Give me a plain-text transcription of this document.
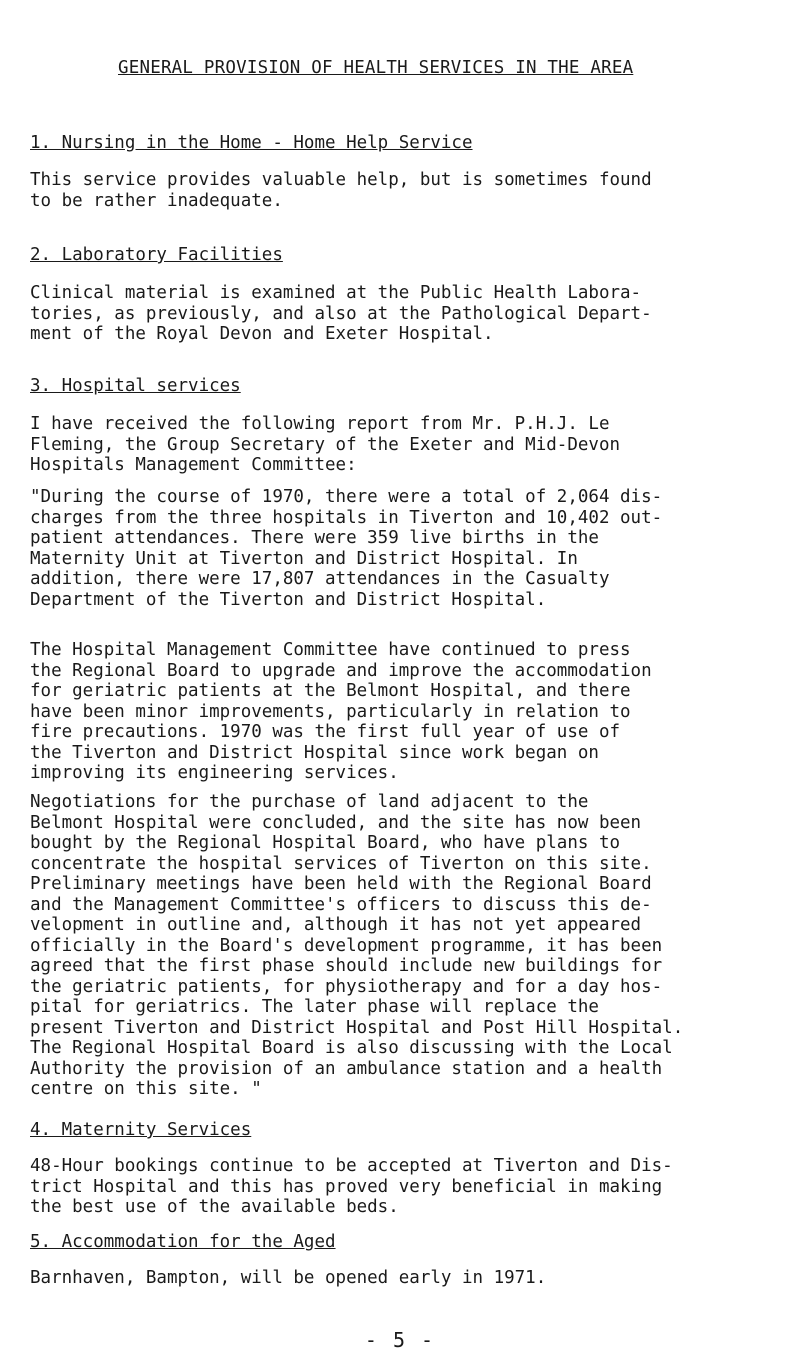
GENERAL PROVISION OF HEALTH SERVICES IN THE AREA
1. Nursing in the Home - Home Help Service

This service provides valuable help, but is sometimes found
to be rather inadequate.

2. Laboratory Facilities

Clinical material is examined at the Public Health Labora-
tories, as previously, and also at the Pathological Depart-
ment of the Royal Devon and Exeter Hospital.

3. Hospital services

I have received the following report from Mr. P.H.J. Le
Fleming, the Group Secretary of the Exeter and Mid-Devon
Hospitals Management Committee:

"During the course of 1970, there were a total of 2,064 dis-
charges from the three hospitals in Tiverton and 10,402 out-
patient attendances. There were 359 live births in the
Maternity Unit at Tiverton and District Hospital. In
addition, there were 17,807 attendances in the Casualty
Department of the Tiverton and District Hospital.

The Hospital Management Committee have continued to press
the Regional Board to upgrade and improve the accommodation
for geriatric patients at the Belmont Hospital, and there
have been minor improvements, particularly in relation to
fire precautions. 1970 was the first full year of use of
the Tiverton and District Hospital since work began on
improving its engineering services.

Negotiations for the purchase of land adjacent to the
Belmont Hospital were concluded, and the site has now been
bought by the Regional Hospital Board, who have plans to
concentrate the hospital services of Tiverton on this site.
Preliminary meetings have been held with the Regional Board
and the Management Committee's officers to discuss this de-
velopment in outline and, although it has not yet appeared
officially in the Board's development programme, it has been
agreed that the first phase should include new buildings for
the geriatric patients, for physiotherapy and for a day hos-
pital for geriatrics. The later phase will replace the
present Tiverton and District Hospital and Post Hill Hospital.
The Regional Hospital Board is also discussing with the Local
Authority the provision of an ambulance station and a health
centre on this site. "

4. Maternity Services

48-Hour bookings continue to be accepted at Tiverton and Dis-
trict Hospital and this has proved very beneficial in making
the best use of the available beds.

5. Accommodation for the Aged

Barnhaven, Bampton, will be opened early in 1971.

- 5 -
